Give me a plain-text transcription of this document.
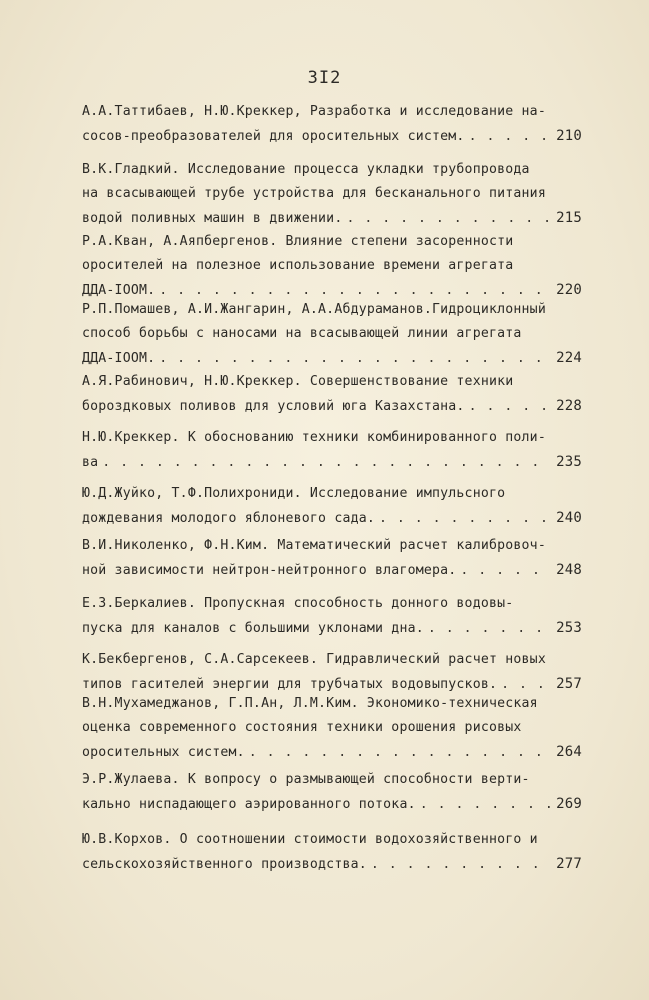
3I2
А.А.Таттибаев, Н.Ю.Креккер, Разработка и исследование на-
сосов-преобразователей для оросительных систем. . . .	210
В.К.Гладкий. Исследование процесса укладки трубопровода
на всасывающей трубе устройства для бесканального питания
водой поливных машин в движении. . . .	215
Р.А.Кван, А.Аяпбергенов. Влияние степени засоренности
оросителей на полезное использование времени агрегата
ДДА-IOOM. . . .	220
Р.П.Помашев, А.И.Жангарин, А.А.Абдураманов.Гидроциклонный
способ борьбы с наносами на всасывающей линии агрегата
ДДА-IOOM. . . .	224
А.Я.Рабинович, Н.Ю.Креккер. Совершенствование техники
бороздковых поливов для условий юга Казахстана. . . .	228
Н.Ю.Креккер. К обоснованию техники комбинированного поли-
ва . . .	235
Ю.Д.Жуйко, Т.Ф.Полихрониди. Исследование импульсного
дождевания молодого яблоневого сада. . . .	240
В.И.Николенко, Ф.Н.Ким. Математический расчет калибровоч-
ной зависимости нейтрон-нейтронного влагомера. . . .	248
Е.З.Беркалиев. Пропускная способность донного водовы-
пуска для каналов с большими уклонами дна. . . .	253
К.Бекбергенов, С.А.Сарсекеев. Гидравлический расчет новых
типов гасителей энергии для трубчатых водовыпусков. . . .	257
В.Н.Мухамеджанов, Г.П.Ан, Л.М.Ким. Экономико-техническая
оценка современного состояния техники орошения рисовых
оросительных систем. . . .	264
Э.Р.Жулаева. К вопросу о размывающей способности верти-
кально ниспадающего аэрированного потока. . . .	269
Ю.В.Корхов. О соотношении стоимости водохозяйственного и
сельскохозяйственного производства. . . .	277
